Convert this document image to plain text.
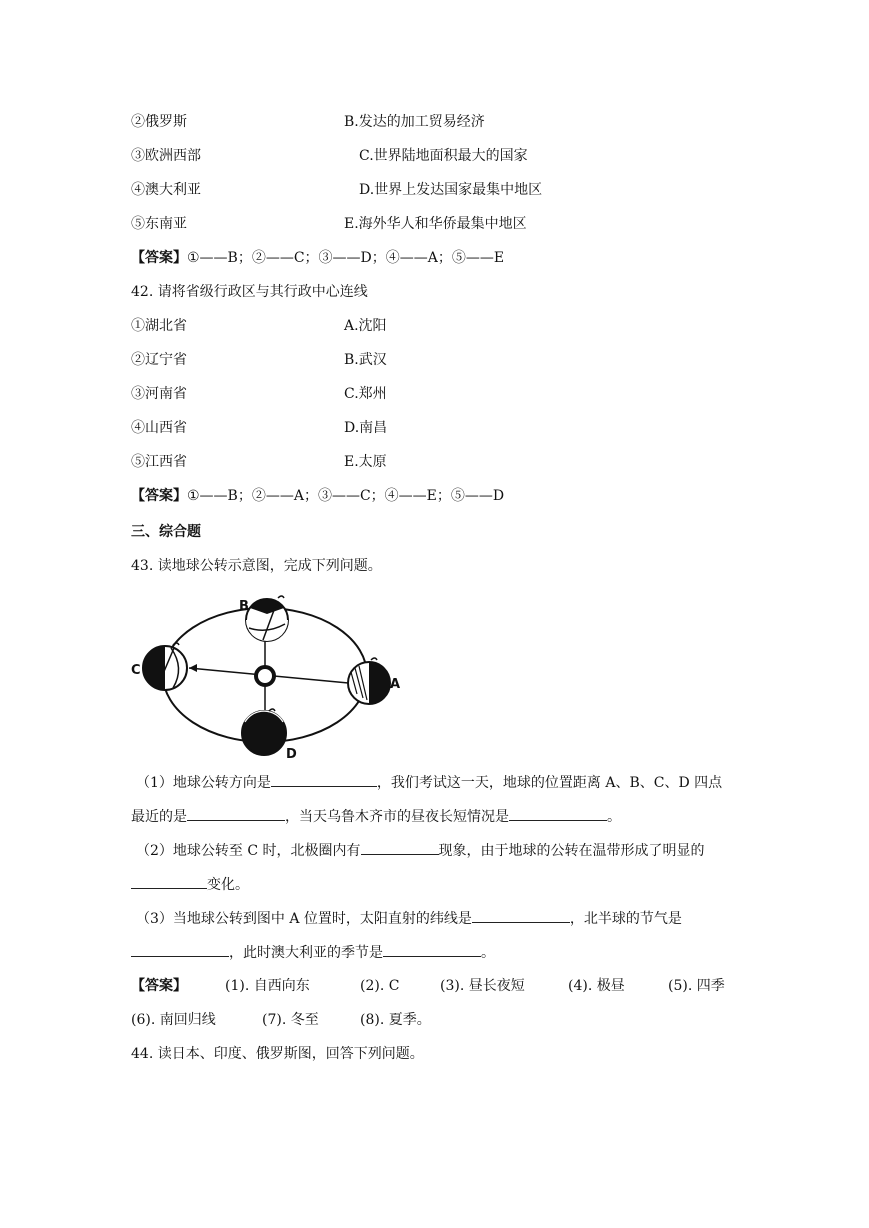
②俄罗斯	B.发达的加工贸易经济
③欧洲西部	C.世界陆地面积最大的国家
④澳大利亚	D.世界上发达国家最集中地区
⑤东南亚	E.海外华人和华侨最集中地区
【答案】①——B；②——C；③——D；④——A；⑤——E
42. 请将省级行政区与其行政中心连线
①湖北省	A.沈阳
②辽宁省	B.武汉
③河南省	C.郑州
④山西省	D.南昌
⑤江西省	E.太原
【答案】①——B；②——A；③——C；④——E；⑤——D
三、综合题
43. 读地球公转示意图，完成下列问题。
B
C
A
D
（1）地球公转方向是	，我们考试这一天，地球的位置距离 A、B、C、D 四点
最近的是	，当天乌鲁木齐市的昼夜长短情况是	。
（2）地球公转至 C 时，北极圈内有	现象，由于地球的公转在温带形成了明显的
变化。
（3）当地球公转到图中 A 位置时，太阳直射的纬线是	，北半球的节气是
，此时澳大利亚的季节是	。
【答案】	(1). 自西向东	(2). C	(3). 昼长夜短	(4). 极昼	(5). 四季
(6). 南回归线	(7). 冬至	(8). 夏季。
44. 读日本、印度、俄罗斯图，回答下列问题。
